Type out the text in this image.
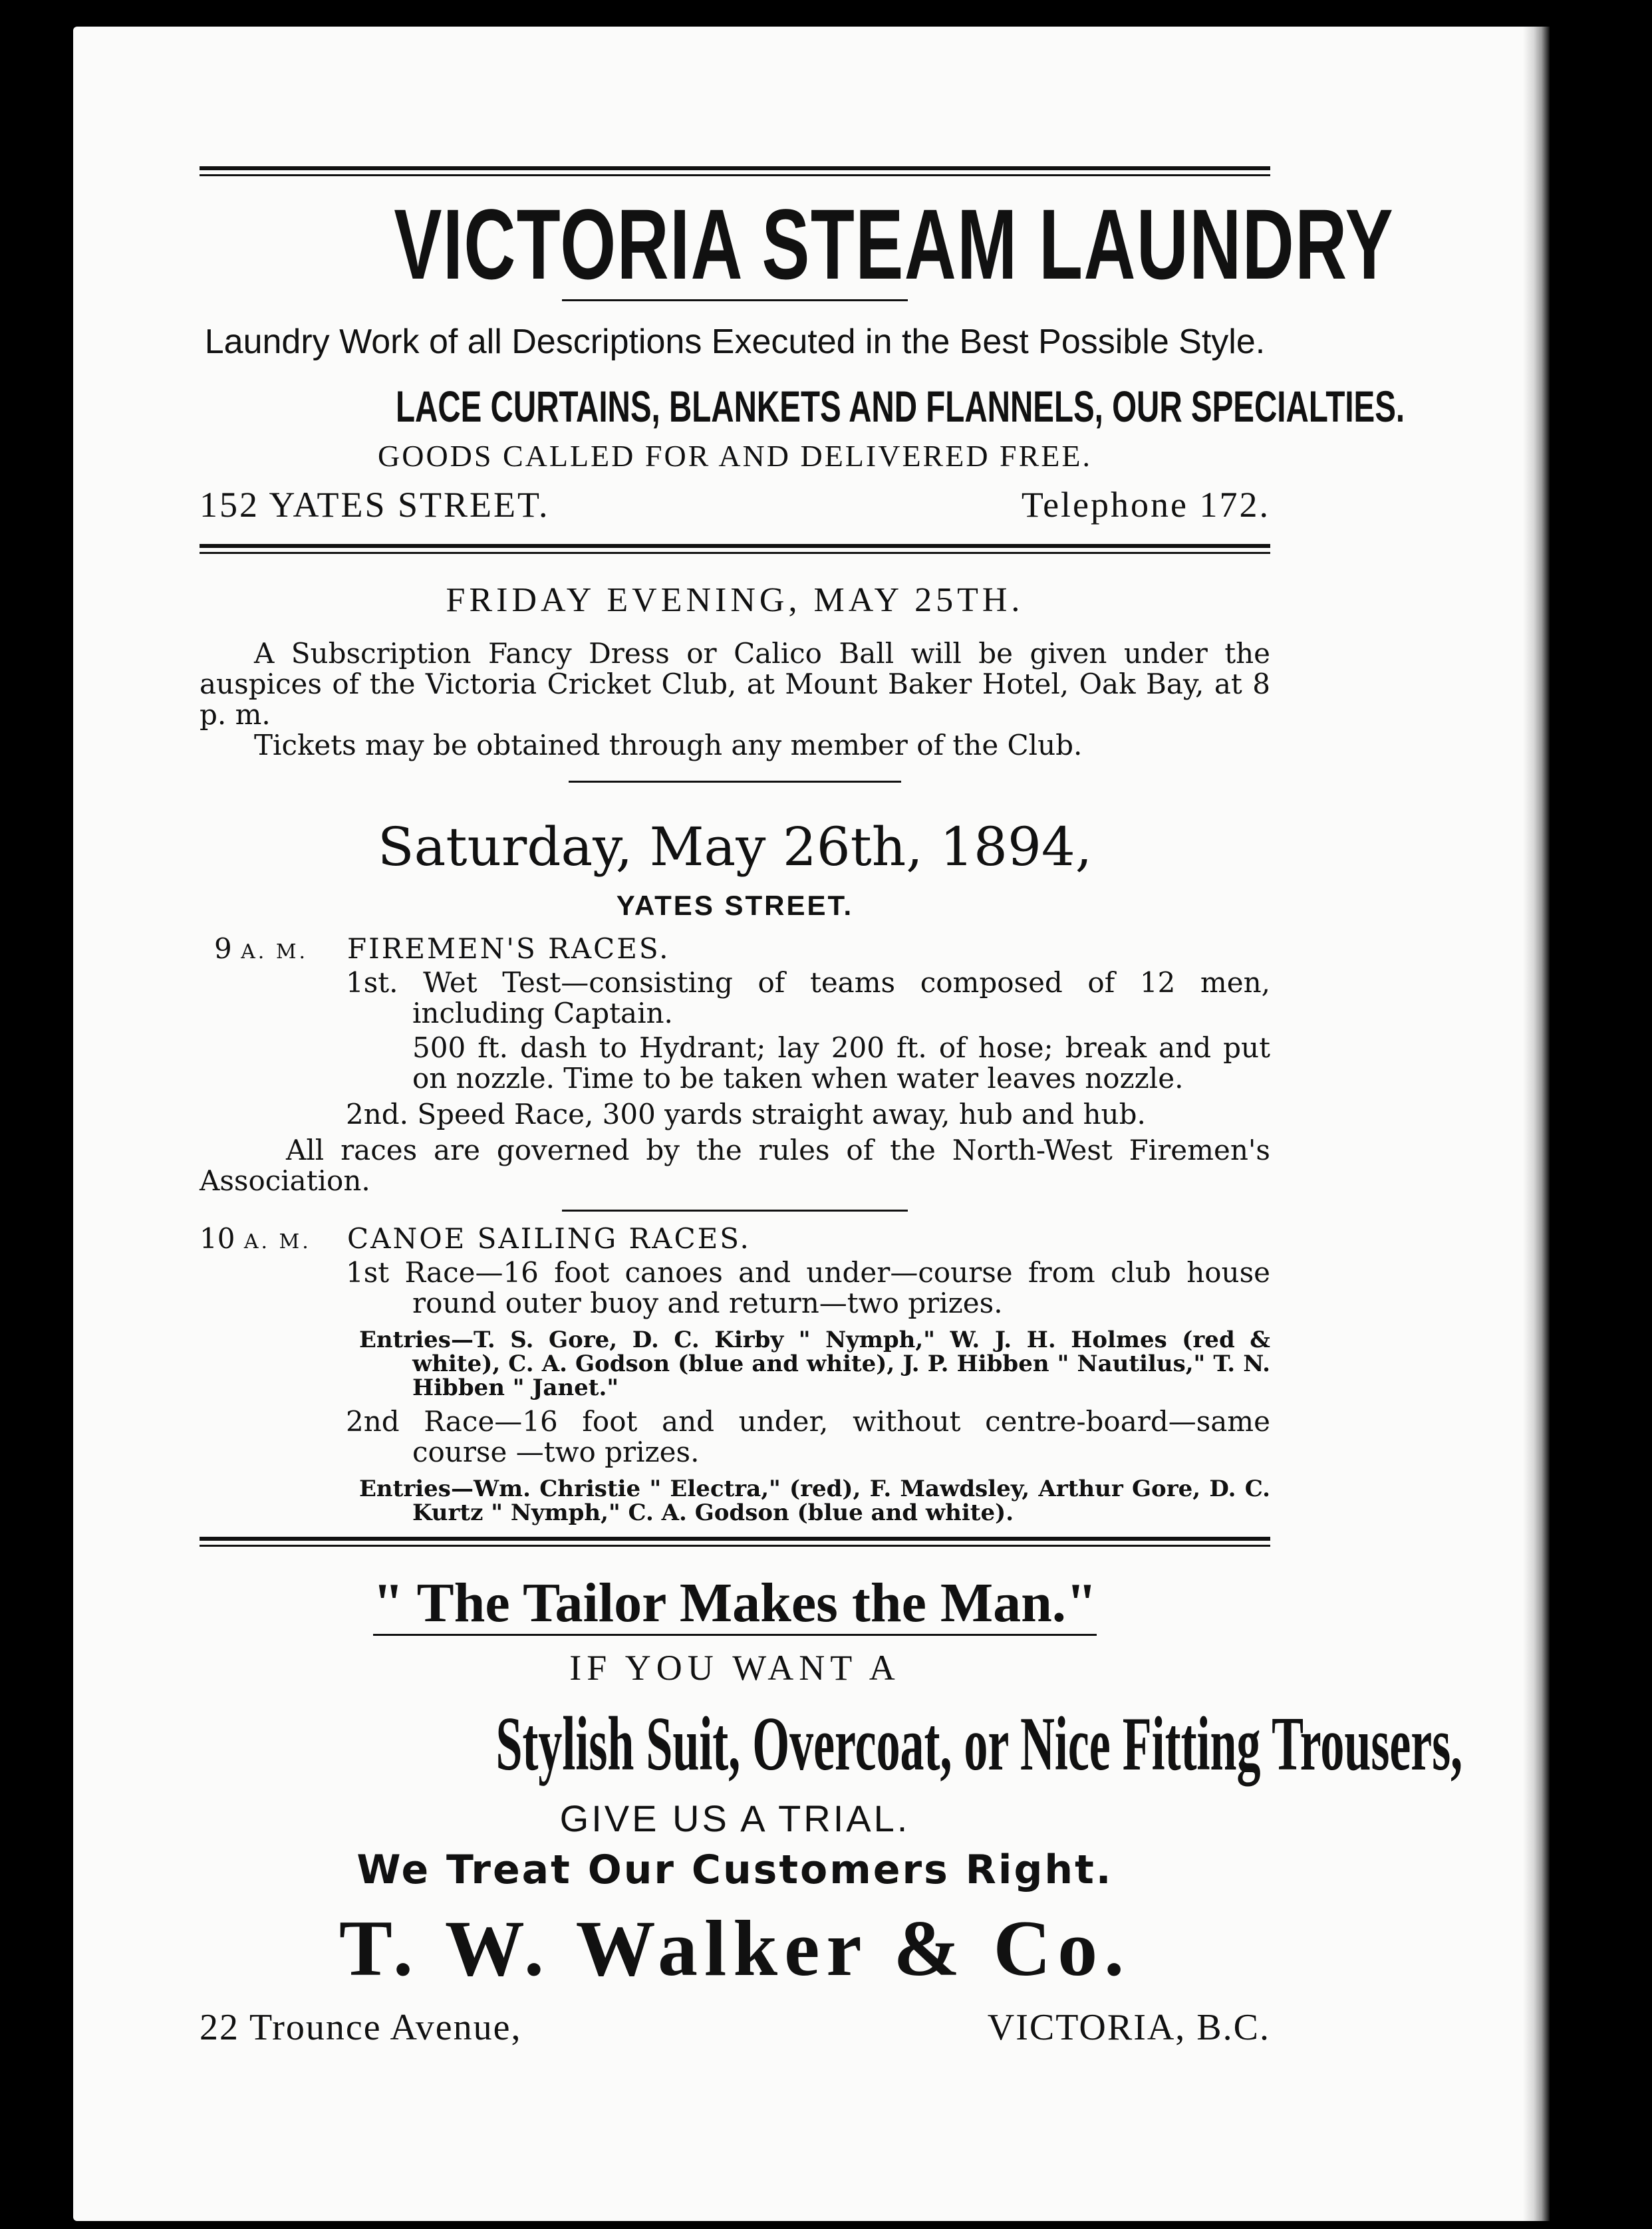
VICTORIA STEAM LAUNDRY
Laundry Work of all Descriptions Executed in the Best Possible Style.
LACE CURTAINS, BLANKETS AND FLANNELS, OUR SPECIALTIES.
GOODS CALLED FOR AND DELIVERED FREE.
152 YATES STREET.	Telephone 172.
FRIDAY EVENING, MAY 25TH.
A Subscription Fancy Dress or Calico Ball will be given under the auspices of the Victoria Cricket Club, at Mount Baker Hotel, Oak Bay, at 8 p. m.
Tickets may be obtained through any member of the Club.
Saturday, May 26th, 1894,
YATES STREET.
9 A. M.	FIREMEN'S RACES.
1st. Wet Test—consisting of teams composed of 12 men, including Captain.
500 ft. dash to Hydrant; lay 200 ft. of hose; break and put on nozzle. Time to be taken when water leaves nozzle.
2nd. Speed Race, 300 yards straight away, hub and hub.
All races are governed by the rules of the North-West Firemen's Association.
10 A. M.	CANOE SAILING RACES.
1st Race—16 foot canoes and under—course from club house round outer buoy and return—two prizes.
Entries—T. S. Gore, D. C. Kirby " Nymph," W. J. H. Holmes (red & white), C. A. Godson (blue and white), J. P. Hibben " Nautilus," T. N. Hibben " Janet."
2nd Race—16 foot and under, without centre-board—same course —two prizes.
Entries—Wm. Christie " Electra," (red), F. Mawdsley, Arthur Gore, D. C. Kurtz " Nymph," C. A. Godson (blue and white).
" The Tailor Makes the Man."
IF YOU WANT A
Stylish Suit, Overcoat, or Nice Fitting Trousers,
GIVE US A TRIAL.
We Treat Our Customers Right.
T. W. Walker & Co.
22 Trounce Avenue,	VICTORIA, B.C.
